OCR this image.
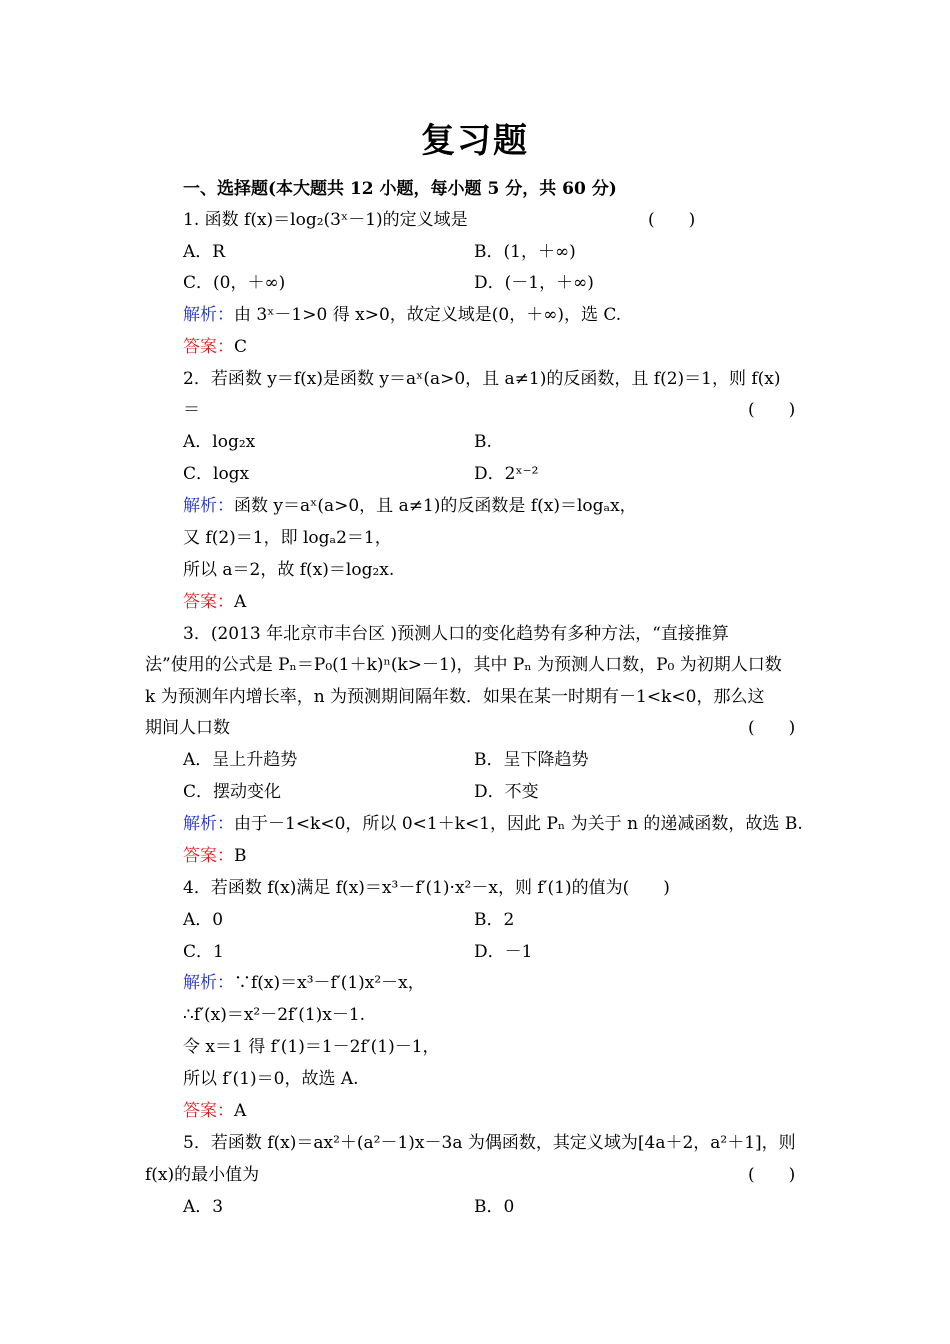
复习题
一、选择题(本大题共 12 小题，每小题 5 分，共 60 分)
1. 函数 f(x)＝log₂(3ˣ－1)的定义域是	(　　)
A．R	B．(1，＋∞)
C．(0，＋∞)	D．(－1，＋∞)
解析：由 3ˣ－1>0 得 x>0，故定义域是(0，＋∞)，选 C.
答案：C
2．若函数 y＝f(x)是函数 y＝aˣ(a>0，且 a≠1)的反函数，且 f(2)＝1，则 f(x)
＝	(　　)
A．log₂x	B.
C．logx	D．2ˣ⁻²
解析：函数 y＝aˣ(a>0，且 a≠1)的反函数是 f(x)＝logₐx，
又 f(2)＝1，即 logₐ2＝1，
所以 a＝2，故 f(x)＝log₂x.
答案：A
3．(2013 年北京市丰台区 )预测人口的变化趋势有多种方法，“直接推算
法”使用的公式是 Pₙ＝P₀(1＋k)ⁿ(k>－1)，其中 Pₙ 为预测人口数，P₀ 为初期人口数
k 为预测年内增长率，n 为预测期间隔年数．如果在某一时期有－1<k<0，那么这
期间人口数	(　　)
A．呈上升趋势	B．呈下降趋势
C．摆动变化	D．不变
解析：由于－1<k<0，所以 0<1＋k<1，因此 Pₙ 为关于 n 的递减函数，故选 B.
答案：B
4．若函数 f(x)满足 f(x)＝x³－f′(1)·x²－x，则 f′(1)的值为(　　)
A．0	B．2
C．1	D．－1
解析：∵f(x)＝x³－f′(1)x²－x，
∴f′(x)＝x²－2f′(1)x－1.
令 x＝1 得 f′(1)＝1－2f′(1)－1，
所以 f′(1)＝0，故选 A.
答案：A
5．若函数 f(x)＝ax²＋(a²－1)x－3a 为偶函数，其定义域为[4a＋2，a²＋1]，则
f(x)的最小值为	(　　)
A．3	B．0
